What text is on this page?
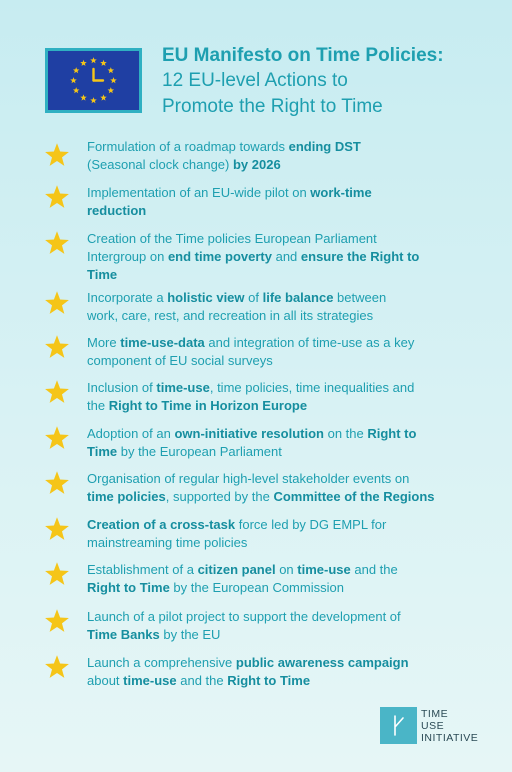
EU Manifesto on Time Policies:
12 EU-level Actions to
Promote the Right to Time
Formulation of a roadmap towards ending DST
(Seasonal clock change) by 2026
Implementation of an EU-wide pilot on work-time
reduction
Creation of the Time policies European Parliament
Intergroup on end time poverty and ensure the Right to
Time
Incorporate a holistic view of life balance between
work, care, rest, and recreation in all its strategies
More time-use-data and integration of time-use as a key
component of EU social surveys
Inclusion of time-use, time policies, time inequalities and
the Right to Time in Horizon Europe
Adoption of an own-initiative resolution on the Right to
Time by the European Parliament
Organisation of regular high-level stakeholder events on
time policies, supported by the Committee of the Regions
Creation of a cross-task force led by DG EMPL for
mainstreaming time policies
Establishment of a citizen panel on time-use and the
Right to Time by the European Commission
Launch of a pilot project to support the development of
Time Banks by the EU
Launch a comprehensive public awareness campaign
about time-use and the Right to Time
TIME
USE
INITIATIVE
